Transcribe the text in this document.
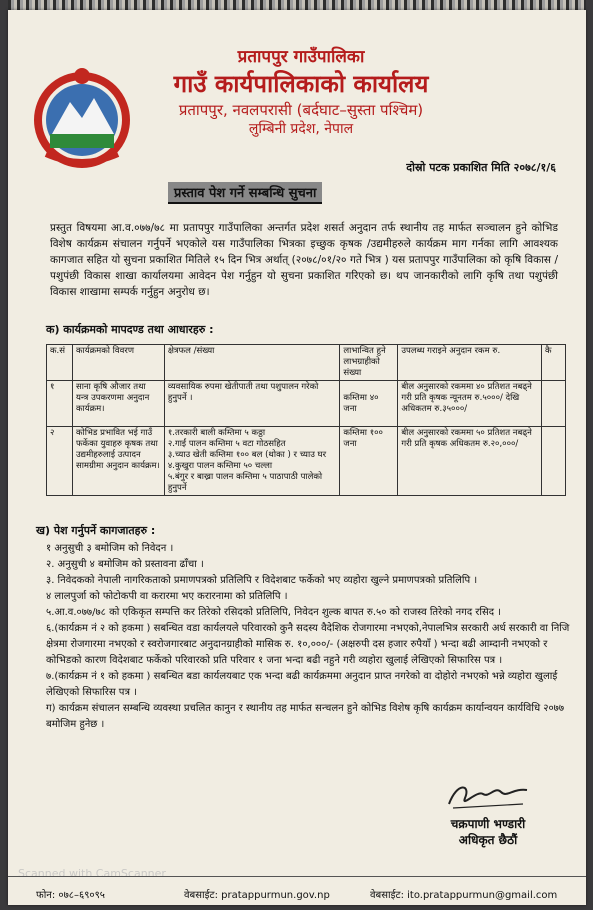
प्रतापपुर गाउँपालिका
गाउँ कार्यपालिकाको कार्यालय
प्रतापपुर, नवलपरासी (बर्दघाट–सुस्ता पश्चिम)
लुम्बिनी प्रदेश, नेपाल
दोस्रो पटक प्रकाशित मिति २०७८/१/६
प्रस्ताव पेश गर्ने सम्बन्धि सुचना
प्रस्तुत विषयमा आ.व.०७७/७८ मा प्रतापपुर गाउँपालिका अन्तर्गत प्रदेश शसर्त अनुदान तर्फ स्थानीय तह मार्फत सञ्चालन हुने कोभिड विशेष कार्यक्रम संचालन गर्नुपर्ने भएकोले यस गाउँपालिका भित्रका इच्छुक कृषक /उद्यमीहरुले कार्यक्रम माग गर्नका लागि आवश्यक कागजात सहित यो सुचना प्रकाशित मितिले १५ दिन भित्र अर्थात् (२०७८/०१/२० गते भित्र ) यस प्रतापपुर गाउँपालिका को कृषि विकास / पशुपंछी विकास शाखा कार्यालयमा आवेदन पेश गर्नुहुन यो सुचना प्रकाशित गरिएको छ। थप जानकारीको लागि कृषि तथा पशुपंछी विकास शाखामा सम्पर्क गर्नुहुन अनुरोध छ।
क) कार्यक्रमको मापदण्ड तथा आधारहरु :
क.सं	कार्यक्रमको विवरण	क्षेत्रफल /संख्या	लाभान्वित हुने लाभग्राहीको संख्या	उपलब्ध गराइने अनुदान रकम रु.	कै
१	साना कृषि औजार तथा यन्त्र उपकरणमा अनुदान कार्यक्रम।	व्यवसायिक रुपमा खेतीपाती तथा पशुपालन गरेको हुनुपर्ने ।	कम्तिमा ४० जना	बील अनुसारको रकममा ४० प्रतिशत नबढ्ने गरी प्रति कृषक न्यूनतम रु.५०००/ देखि अधिकतम रु.३५०००/	
२	कोभिड प्रभावित भई गाउँ फर्केका युवाहरु कृषक तथा उद्यमीहरुलाई उत्पादन सामग्रीमा अनुदान कार्यक्रम।	१.तरकारी बाली कम्तिमा ५ कठ्ठा
२.गाईं पालन कम्तिमा ५ वटा गोठसहित
३.च्याउ खेती कम्तिमा १०० बल (थोका ) र च्याउ घर
४.कुखुरा पालन कम्तिमा ५० चल्ला
५.बंगुर र बाख्रा पालन कम्तिमा ५ पाठापाठी पालेको हुनुपर्ने	कम्तिमा १०० जना	बील अनुसारको रकममा ५० प्रतिशत नबढ्ने गरी प्रति कृषक अधिकतम रु.२०,०००/	
ख) पेश गर्नुपर्ने कागजातहरु :
१ अनुसुची ३ बमोजिम को निवेदन ।
२. अनुसुची ४ बमोजिम को प्रस्तावना ढाँचा ।
३. निवेदकको नेपाली नागरिकताको प्रमाणपत्रको प्रतिलिपि र विदेशबाट फर्केको भए व्यहोरा खुल्ने प्रमाणपत्रको प्रतिलिपि ।
४ लालपुर्जा को फोटोकपी वा करारमा भए करारनामा को प्रतिलिपि ।
५.आ.व.०७७/७८ को एकिकृत सम्पत्ति कर तिरेको रसिदको प्रतिलिपि, निवेदन शुल्क बापत रु.५० को राजस्व तिरेको नगद रसिद ।
६.(कार्यक्रम नं २ को हकमा ) सबन्धित वडा कार्यलयले परिवारको कुनै सदस्य वैदेशिक रोजगारमा नभएको,नेपालभित्र सरकारी अर्ध सरकारी वा निजि क्षेत्रमा रोजगारमा नभएको र स्वरोजगारबाट अनुदानग्राहीको मासिक रु. १०,०००/- (अक्षरुपी दस हजार रुपैयाँ ) भन्दा बढी आम्दानी नभएको र कोभिडको कारण विदेशबाट फर्केको परिवारको प्रति परिवार १ जना भन्दा बढी नहुने गरी व्यहोरा खुलाई लेखिएको सिफारिस पत्र ।
७.(कार्यक्रम नं १ को हकमा ) सबन्धित बडा कार्यलयबाट एक भन्दा बढी कार्यक्रममा अनुदान प्राप्त नगरेको वा दोहोरो नभएको भन्ने व्यहोरा खुलाई लेखिएको सिफारिस पत्र ।
ग) कार्यक्रम संचालन सम्बन्धि व्यवस्था प्रचलित कानुन र स्थानीय तह मार्फत सन्चलन हुने कोभिड विशेष कृषि कार्यक्रम कार्यान्वयन कार्यविधि २०७७ बमोजिम हुनेछ ।
चक्रपाणी भण्डारी
अधिकृत छैठौं
Scanned with CamScanner
फोन: ०७८–६९०९५	वेबसाईट: pratappurmun.gov.np	वेबसाईट: ito.pratappurmun@gmail.com
